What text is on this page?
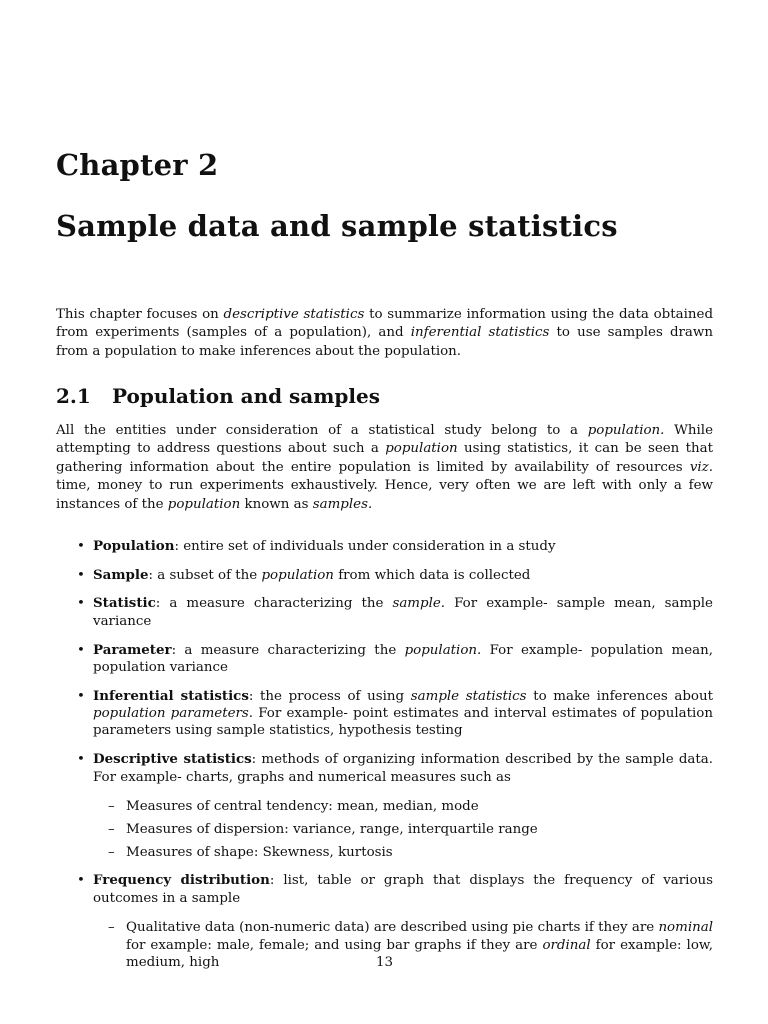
Chapter 2
Sample data and sample statistics

This chapter focuses on descriptive statistics to summarize information using the data obtained from experiments (samples of a population), and inferential statistics to use samples drawn from a population to make inferences about the population.

2.1 Population and samples

All the entities under consideration of a statistical study belong to a population. While attempting to address questions about such a population using statistics, it can be seen that gathering information about the entire population is limited by availability of resources viz. time, money to run experiments exhaustively. Hence, very often we are left with only a few instances of the population known as samples.

• Population: entire set of individuals under consideration in a study
• Sample: a subset of the population from which data is collected
• Statistic: a measure characterizing the sample. For example- sample mean, sample variance
• Parameter: a measure characterizing the population. For example- population mean, population variance
• Inferential statistics: the process of using sample statistics to make inferences about population parameters. For example- point estimates and interval estimates of population parameters using sample statistics, hypothesis testing
• Descriptive statistics: methods of organizing information described by the sample data. For example- charts, graphs and numerical measures such as
– Measures of central tendency: mean, median, mode
– Measures of dispersion: variance, range, interquartile range
– Measures of shape: Skewness, kurtosis
• Frequency distribution: list, table or graph that displays the frequency of various outcomes in a sample
– Qualitative data (non-numeric data) are described using pie charts if they are nominal for example: male, female; and using bar graphs if they are ordinal for example: low, medium, high	13
